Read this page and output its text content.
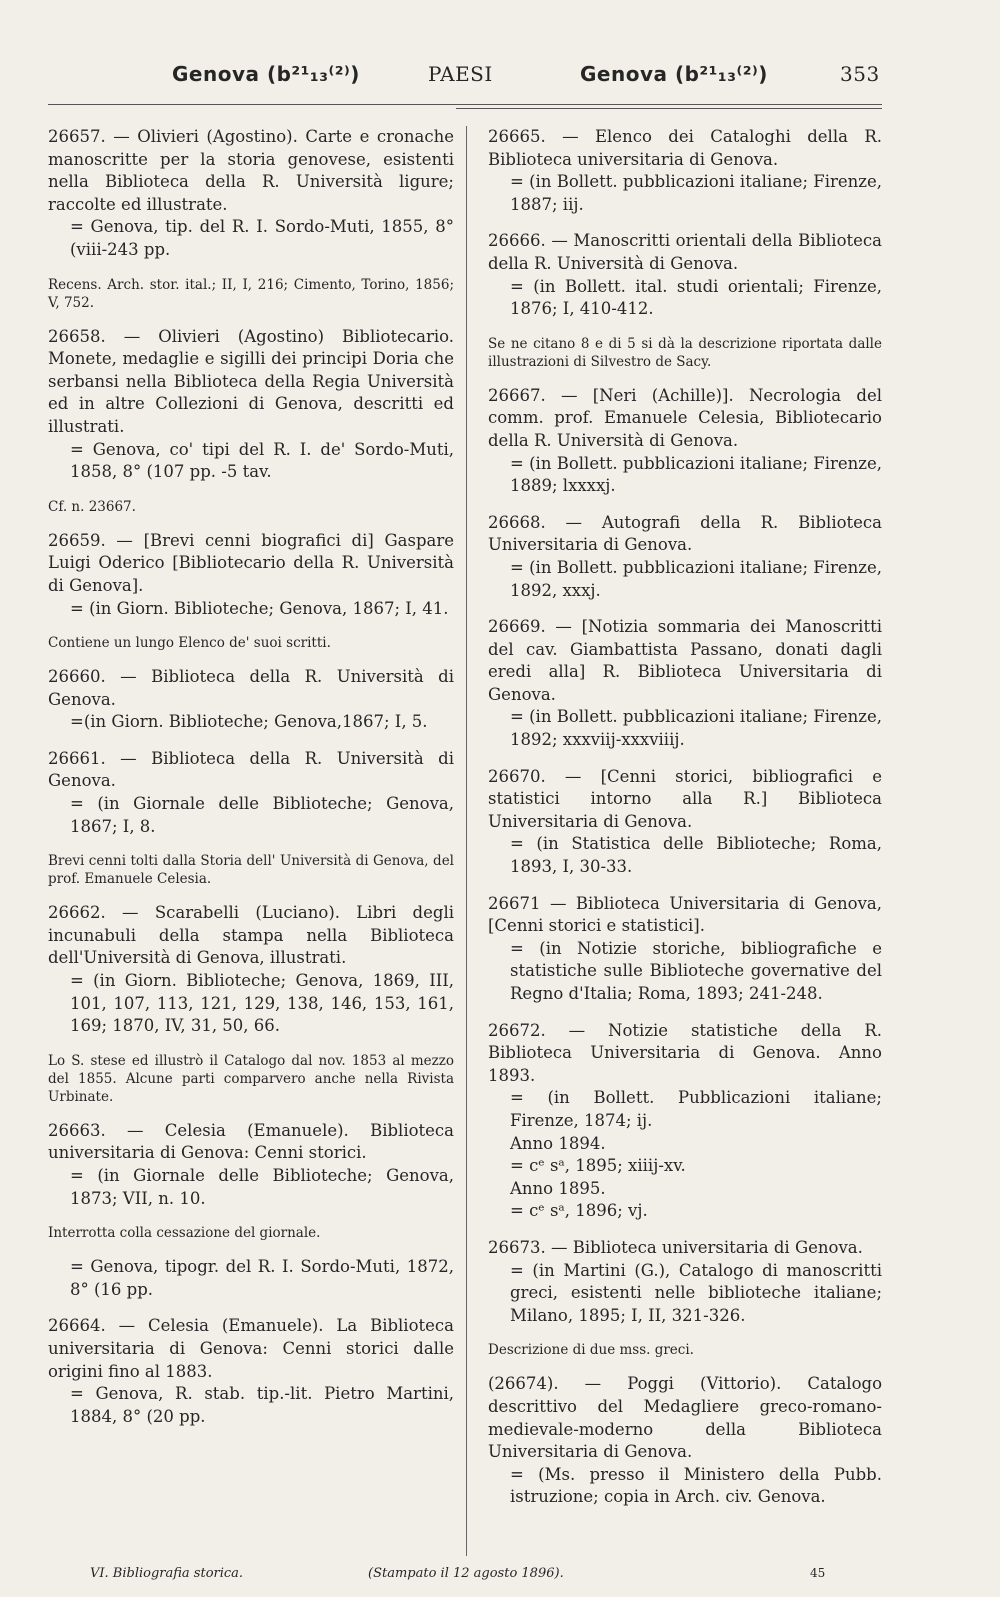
Genova (b²¹₁₃⁽²⁾)	PAESI	Genova (b²¹₁₃⁽²⁾)	353

26657. — Olivieri (Agostino). Carte e cronache manoscritte per la storia genovese, esistenti nella Biblioteca della R. Università ligure; raccolte ed illustrate.

= Genova, tip. del R. I. Sordo-Muti, 1855, 8° (viii-243 pp.

Recens. Arch. stor. ital.; II, I, 216; Cimento, Torino, 1856; V, 752.

26658. — Olivieri (Agostino) Bibliotecario. Monete, medaglie e sigilli dei principi Doria che serbansi nella Biblioteca della Regia Università ed in altre Collezioni di Genova, descritti ed illustrati.

= Genova, co' tipi del R. I. de' Sordo-Muti, 1858, 8° (107 pp. -5 tav.

Cf. n. 23667.

26659. — [Brevi cenni biografici di] Gaspare Luigi Oderico [Bibliotecario della R. Università di Genova].

= (in Giorn. Biblioteche; Genova, 1867; I, 41.

Contiene un lungo Elenco de' suoi scritti.

26660. — Biblioteca della R. Università di Genova.

=(in Giorn. Biblioteche; Genova,1867; I, 5.

26661. — Biblioteca della R. Università di Genova.

= (in Giornale delle Biblioteche; Genova, 1867; I, 8.

Brevi cenni tolti dalla Storia dell' Università di Genova, del prof. Emanuele Celesia.

26662. — Scarabelli (Luciano). Libri degli incunabuli della stampa nella Biblioteca dell'Università di Genova, illustrati.

= (in Giorn. Biblioteche; Genova, 1869, III, 101, 107, 113, 121, 129, 138, 146, 153, 161, 169; 1870, IV, 31, 50, 66.

Lo S. stese ed illustrò il Catalogo dal nov. 1853 al mezzo del 1855. Alcune parti comparvero anche nella Rivista Urbinate.

26663. — Celesia (Emanuele). Biblioteca universitaria di Genova: Cenni storici.

= (in Giornale delle Biblioteche; Genova, 1873; VII, n. 10.

Interrotta colla cessazione del giornale.

= Genova, tipogr. del R. I. Sordo-Muti, 1872, 8° (16 pp.

26664. — Celesia (Emanuele). La Biblioteca universitaria di Genova: Cenni storici dalle origini fino al 1883.

= Genova, R. stab. tip.-lit. Pietro Martini, 1884, 8° (20 pp.

26665. — Elenco dei Cataloghi della R. Biblioteca universitaria di Genova.

= (in Bollett. pubblicazioni italiane; Firenze, 1887; iij.

26666. — Manoscritti orientali della Biblioteca della R. Università di Genova.

= (in Bollett. ital. studi orientali; Firenze, 1876; I, 410-412.

Se ne citano 8 e di 5 si dà la descrizione riportata dalle illustrazioni di Silvestro de Sacy.

26667. — [Neri (Achille)]. Necrologia del comm. prof. Emanuele Celesia, Bibliotecario della R. Università di Genova.

= (in Bollett. pubblicazioni italiane; Firenze, 1889; lxxxxj.

26668. — Autografi della R. Biblioteca Universitaria di Genova.

= (in Bollett. pubblicazioni italiane; Firenze, 1892, xxxj.

26669. — [Notizia sommaria dei Manoscritti del cav. Giambattista Passano, donati dagli eredi alla] R. Biblioteca Universitaria di Genova.

= (in Bollett. pubblicazioni italiane; Firenze, 1892; xxxviij-xxxviiij.

26670. — [Cenni storici, bibliografici e statistici intorno alla R.] Biblioteca Universitaria di Genova.

= (in Statistica delle Biblioteche; Roma, 1893, I, 30-33.

26671 — Biblioteca Universitaria di Genova, [Cenni storici e statistici].

= (in Notizie storiche, bibliografiche e statistiche sulle Biblioteche governative del Regno d'Italia; Roma, 1893; 241-248.

26672. — Notizie statistiche della R. Biblioteca Universitaria di Genova. Anno 1893.

= (in Bollett. Pubblicazioni italiane; Firenze, 1874; ij.

Anno 1894.

= cᵉ sᵃ, 1895; xiiij-xv.

Anno 1895.

= cᵉ sᵃ, 1896; vj.

26673. — Biblioteca universitaria di Genova.

= (in Martini (G.), Catalogo di manoscritti greci, esistenti nelle biblioteche italiane; Milano, 1895; I, II, 321-326.

Descrizione di due mss. greci.

(26674). — Poggi (Vittorio). Catalogo descrittivo del Medagliere greco-romano-medievale-moderno della Biblioteca Universitaria di Genova.

= (Ms. presso il Ministero della Pubb. istruzione; copia in Arch. civ. Genova.

VI. Bibliografia storica.	(Stampato il 12 agosto 1896).	45
